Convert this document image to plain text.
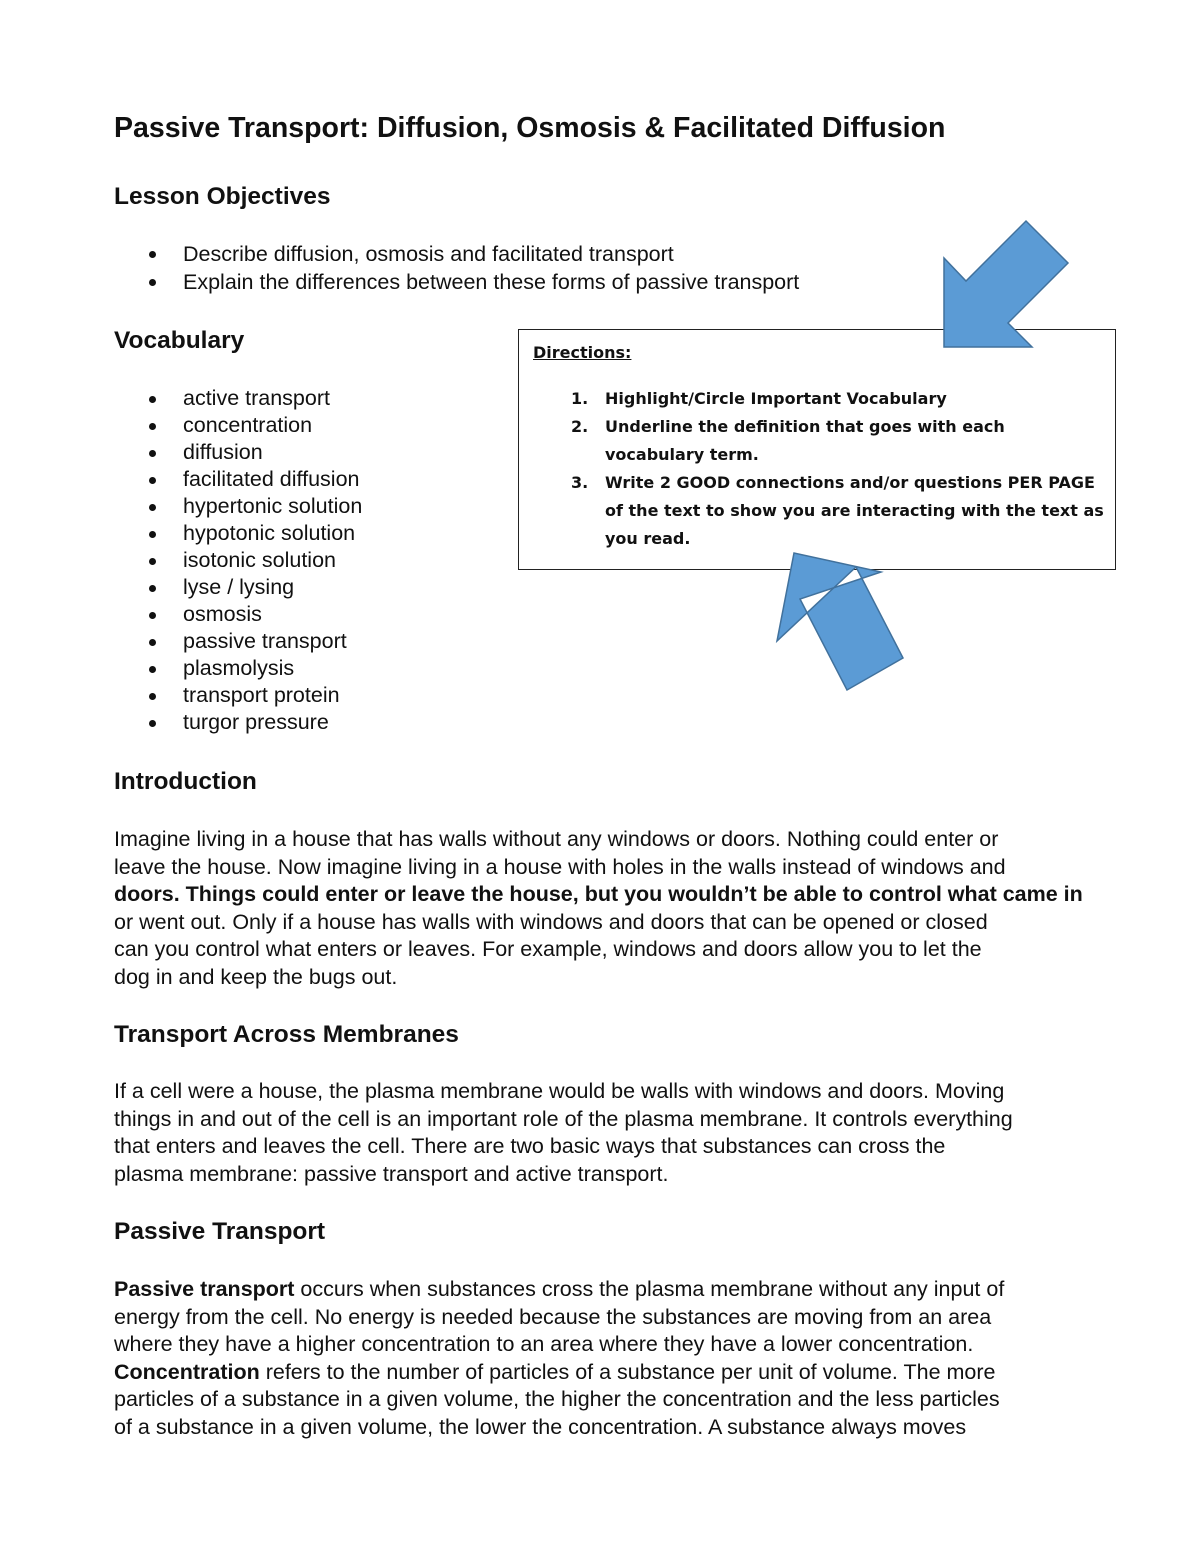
Passive Transport: Diffusion, Osmosis & Facilitated Diffusion
Lesson Objectives
Describe diffusion, osmosis and facilitated transport
Explain the differences between these forms of passive transport
Vocabulary
active transport
concentration
diffusion
facilitated diffusion
hypertonic solution
hypotonic solution
isotonic solution
lyse / lysing
osmosis
passive transport
plasmolysis
transport protein
turgor pressure
Directions:
1. Highlight/Circle Important Vocabulary
2. Underline the definition that goes with each
vocabulary term.
3. Write 2 GOOD connections and/or questions PER PAGE
of the text to show you are interacting with the text as
you read.
Introduction
Imagine living in a house that has walls without any windows or doors. Nothing could enter or
leave the house. Now imagine living in a house with holes in the walls instead of windows and
doors. Things could enter or leave the house, but you wouldn’t be able to control what came in
or went out. Only if a house has walls with windows and doors that can be opened or closed
can you control what enters or leaves. For example, windows and doors allow you to let the
dog in and keep the bugs out.
Transport Across Membranes
If a cell were a house, the plasma membrane would be walls with windows and doors. Moving
things in and out of the cell is an important role of the plasma membrane. It controls everything
that enters and leaves the cell. There are two basic ways that substances can cross the
plasma membrane: passive transport and active transport.
Passive Transport
Passive transport occurs when substances cross the plasma membrane without any input of
energy from the cell. No energy is needed because the substances are moving from an area
where they have a higher concentration to an area where they have a lower concentration.
Concentration refers to the number of particles of a substance per unit of volume. The more
particles of a substance in a given volume, the higher the concentration and the less particles
of a substance in a given volume, the lower the concentration. A substance always moves
